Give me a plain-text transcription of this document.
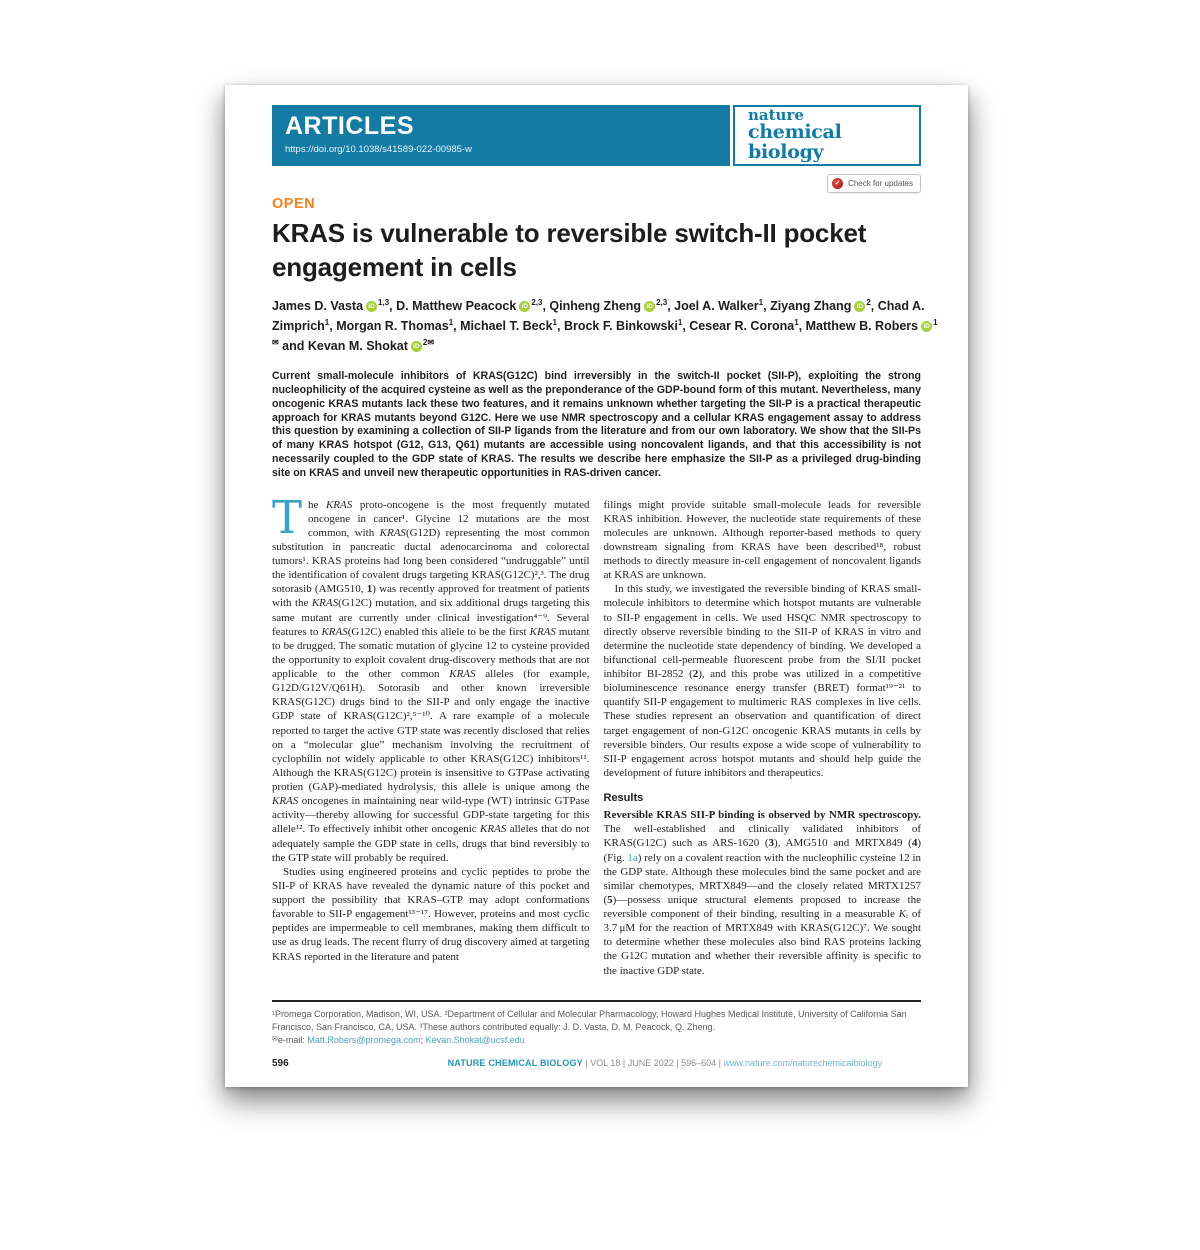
ARTICLES
https://doi.org/10.1038/s41589-022-00985-w
nature
chemical biology
✓ Check for updates
OPEN
KRAS is vulnerable to reversible switch-II pocket engagement in cells
James D. Vasta iD $^{1,3}$, D. Matthew Peacock iD $^{2,3}$, Qinheng Zheng iD $^{2,3}$, Joel A. Walker$^1$, Ziyang Zhang iD $^2$, Chad A. Zimprich$^1$, Morgan R. Thomas$^1$, Michael T. Beck$^1$, Brock F. Binkowski$^1$, Cesear R. Corona$^1$, Matthew B. Robers iD $^{1✉}$ and Kevan M. Shokat iD $^{2✉}$
Current small-molecule inhibitors of KRAS(G12C) bind irreversibly in the switch-II pocket (SII-P), exploiting the strong nucleophilicity of the acquired cysteine as well as the preponderance of the GDP-bound form of this mutant. Nevertheless, many oncogenic KRAS mutants lack these two features, and it remains unknown whether targeting the SII-P is a practical therapeutic approach for KRAS mutants beyond G12C. Here we use NMR spectroscopy and a cellular KRAS engagement assay to address this question by examining a collection of SII-P ligands from the literature and from our own laboratory. We show that the SII-Ps of many KRAS hotspot (G12, G13, Q61) mutants are accessible using noncovalent ligands, and that this accessibility is not necessarily coupled to the GDP state of KRAS. The results we describe here emphasize the SII-P as a privileged drug-binding site on KRAS and unveil new therapeutic opportunities in RAS-driven cancer.

The KRAS proto-oncogene is the most frequently mutated oncogene in cancer¹. Glycine 12 mutations are the most common, with KRAS(G12D) representing the most common substitution in pancreatic ductal adenocarcinoma and colorectal tumors¹. KRAS proteins had long been considered “undruggable” until the identification of covalent drugs targeting KRAS(G12C)²,³. The drug sotorasib (AMG510, 1) was recently approved for treatment of patients with the KRAS(G12C) mutation, and six additional drugs targeting this same mutant are currently under clinical investigation⁴⁻⁹. Several features to KRAS(G12C) enabled this allele to be the first KRAS mutant to be drugged. The somatic mutation of glycine 12 to cysteine provided the opportunity to exploit covalent drug-discovery methods that are not applicable to the other common KRAS alleles (for example, G12D/G12V/Q61H). Sotorasib and other known irreversible KRAS(G12C) drugs bind to the SII-P and only engage the inactive GDP state of KRAS(G12C)²,⁵⁻¹⁰. A rare example of a molecule reported to target the active GTP state was recently disclosed that relies on a “molecular glue” mechanism involving the recruitment of cyclophilin not widely applicable to other KRAS(G12C) inhibitors¹¹. Although the KRAS(G12C) protein is insensitive to GTPase activating protien (GAP)-mediated hydrolysis, this allele is unique among the KRAS oncogenes in maintaining near wild-type (WT) intrinsic GTPase activity—thereby allowing for successful GDP-state targeting for this allele¹². To effectively inhibit other oncogenic KRAS alleles that do not adequately sample the GDP state in cells, drugs that bind reversibly to the GTP state will probably be required.

Studies using engineered proteins and cyclic peptides to probe the SII-P of KRAS have revealed the dynamic nature of this pocket and support the possibility that KRAS–GTP may adopt conformations favorable to SII-P engagement¹³⁻¹⁷. However, proteins and most cyclic peptides are impermeable to cell membranes, making them difficult to use as drug leads. The recent flurry of drug discovery aimed at targeting KRAS reported in the literature and patent

filings might provide suitable small-molecule leads for reversible KRAS inhibition. However, the nucleotide state requirements of these molecules are unknown. Although reporter-based methods to query downstream signaling from KRAS have been described¹⁸, robust methods to directly measure in-cell engagement of noncovalent ligands at KRAS are unknown.

In this study, we investigated the reversible binding of KRAS small-molecule inhibitors to determine which hotspot mutants are vulnerable to SII-P engagement in cells. We used HSQC NMR spectroscopy to directly observe reversible binding to the SII-P of KRAS in vitro and determine the nucleotide state dependency of binding. We developed a bifunctional cell-permeable fluorescent probe from the SI/II pocket inhibitor BI-2852 (2), and this probe was utilized in a competitive bioluminescence resonance energy transfer (BRET) format¹⁹⁻²¹ to quantify SII-P engagement to multimeric RAS complexes in live cells. These studies represent an observation and quantification of direct target engagement of non-G12C oncogenic KRAS mutants in cells by reversible binders. Our results expose a wide scope of vulnerability to SII-P engagement across hotspot mutants and should help guide the development of future inhibitors and therapeutics.

Results

Reversible KRAS SII-P binding is observed by NMR spectroscopy. The well-established and clinically validated inhibitors of KRAS(G12C) such as ARS-1620 (3), AMG510 and MRTX849 (4) (Fig. 1a) rely on a covalent reaction with the nucleophilic cysteine 12 in the GDP state. Although these molecules bind the same pocket and are similar chemotypes, MRTX849—and the closely related MRTX1257 (5)—possess unique structural elements proposed to increase the reversible component of their binding, resulting in a measurable Kᵢ of 3.7 μM for the reaction of MRTX849 with KRAS(G12C)⁷. We sought to determine whether these molecules also bind RAS proteins lacking the G12C mutation and whether their reversible affinity is specific to the inactive GDP state.

¹Promega Corporation, Madison, WI, USA. ²Department of Cellular and Molecular Pharmacology, Howard Hughes Medical Institute, University of California San Francisco, San Francisco, CA, USA. ³These authors contributed equally: J. D. Vasta, D. M. Peacock, Q. Zheng.
✉e-mail: Matt.Robers@promega.com; Kevan.Shokat@ucsf.edu
596	NATURE CHEMICAL BIOLOGY | VOL 18 | JUNE 2022 | 596–604 | www.nature.com/naturechemicalbiology
